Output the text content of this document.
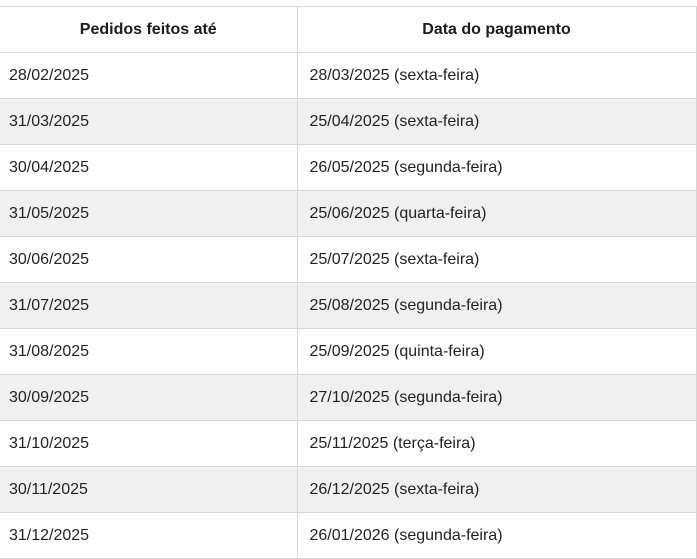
Pedidos feitos até	Data do pagamento
28/02/2025	28/03/2025 (sexta-feira)
31/03/2025	25/04/2025 (sexta-feira)
30/04/2025	26/05/2025 (segunda-feira)
31/05/2025	25/06/2025 (quarta-feira)
30/06/2025	25/07/2025 (sexta-feira)
31/07/2025	25/08/2025 (segunda-feira)
31/08/2025	25/09/2025 (quinta-feira)
30/09/2025	27/10/2025 (segunda-feira)
31/10/2025	25/11/2025 (terça-feira)
30/11/2025	26/12/2025 (sexta-feira)
31/12/2025	26/01/2026 (segunda-feira)
